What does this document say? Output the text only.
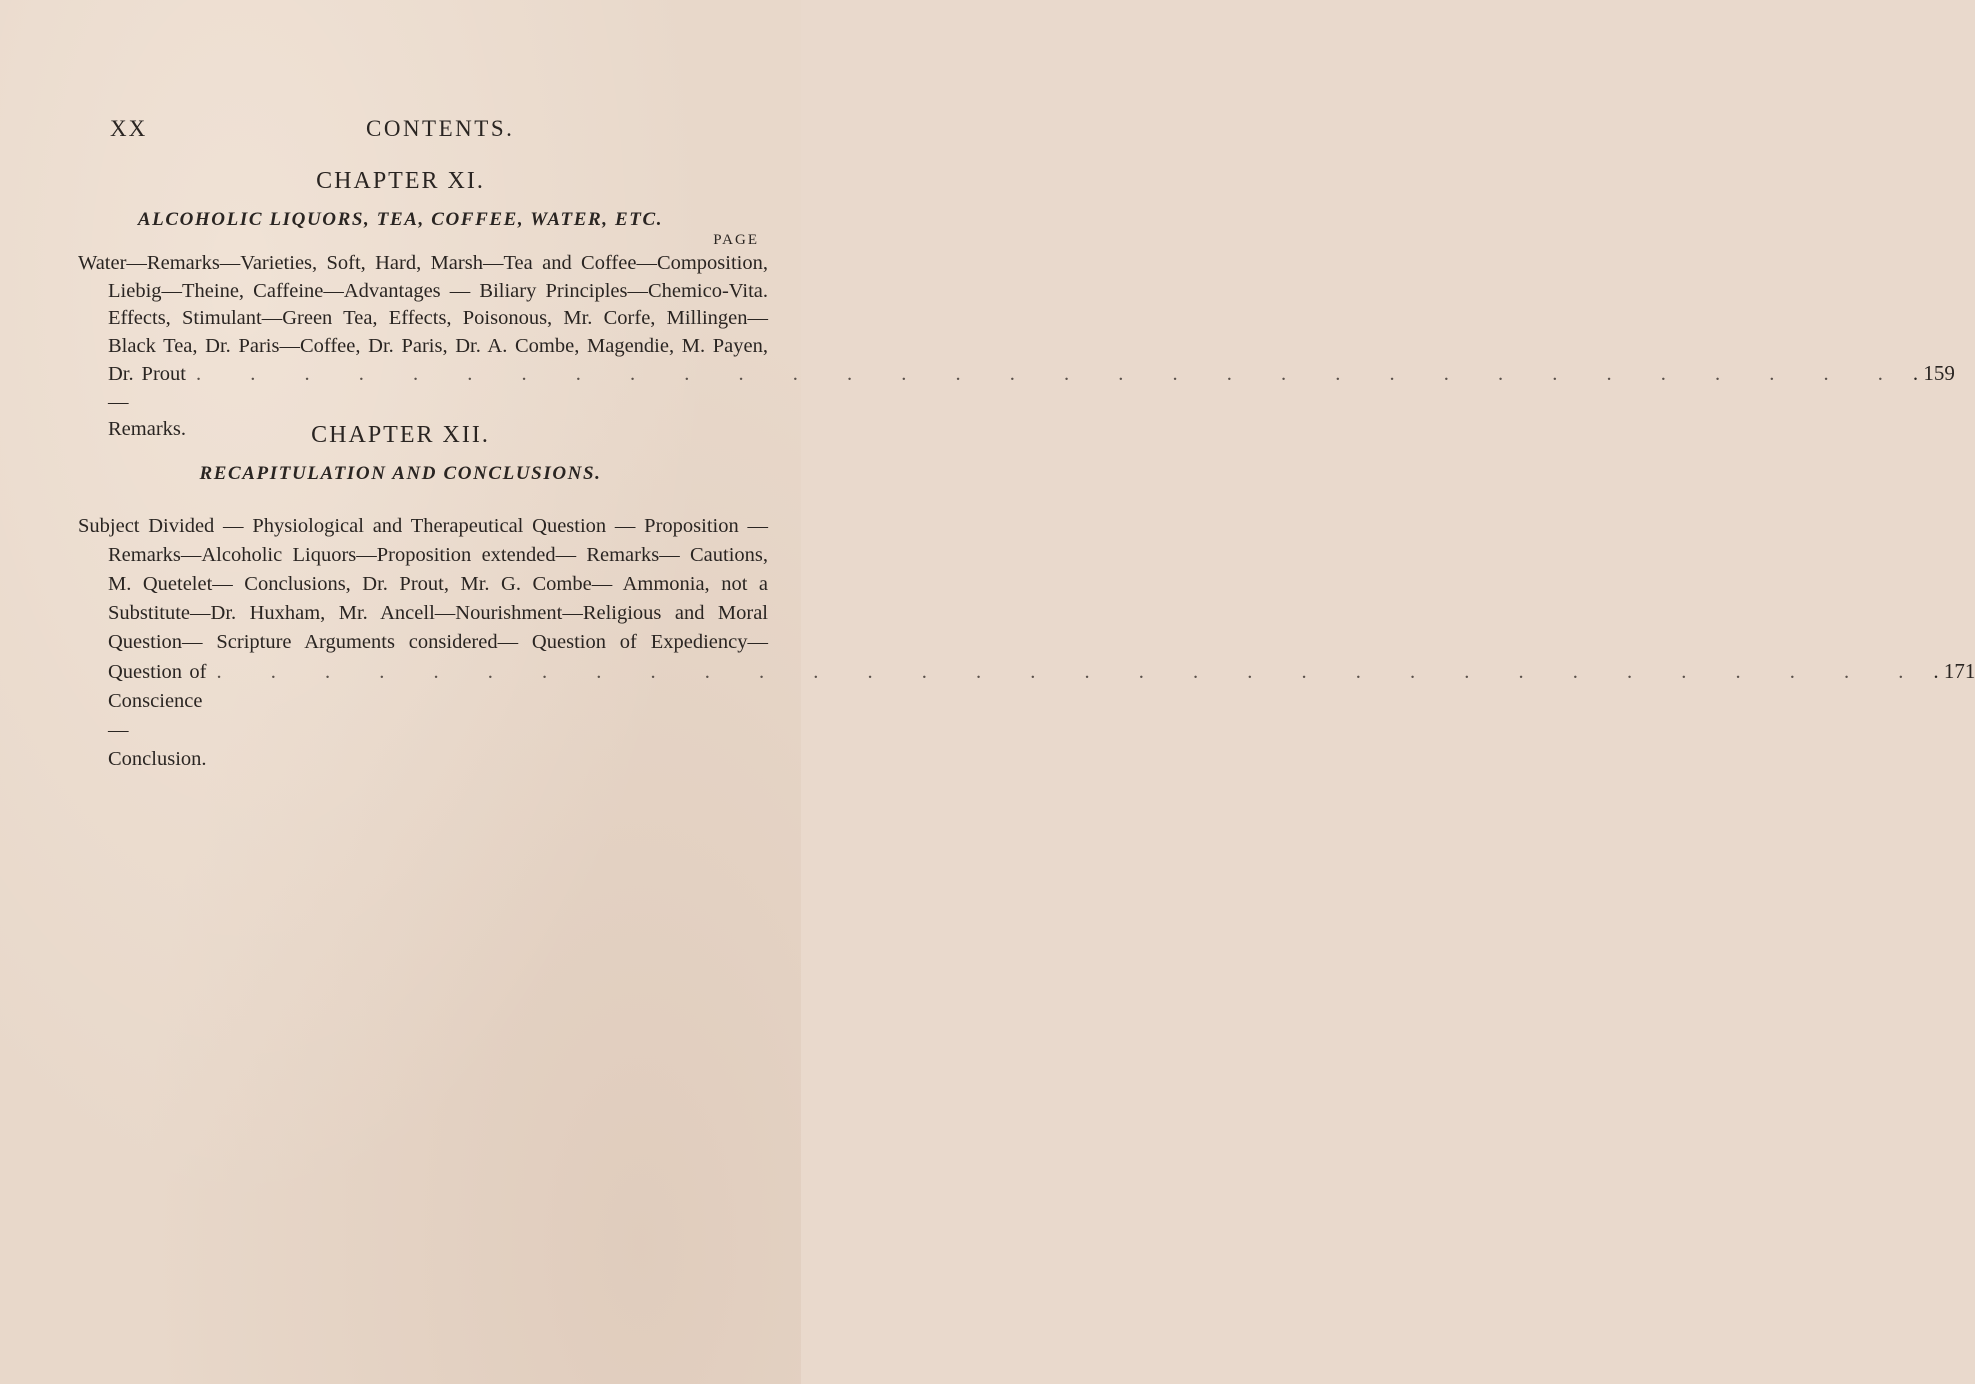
XX	CONTENTS.
CHAPTER XI.
ALCOHOLIC LIQUORS, TEA, COFFEE, WATER, ETC.
PAGE
Water—Remarks—Varieties, Soft, Hard, Marsh—Tea and Coffee—Composition,
Liebig—Theine, Caffeine—Advantages — Biliary Principles—Chemico-Vita.
Effects, Stimulant—Green Tea, Effects, Poisonous, Mr. Corfe, Millingen—
Black Tea, Dr. Paris—Coffee, Dr. Paris, Dr. A. Combe, Magendie, M. Payen,
Dr. Prout—Remarks.
. . . . . . . . . . . . . . . . . . . . . . . . . . . . . . . . . 159
CHAPTER XII.
RECAPITULATION AND CONCLUSIONS.
Subject Divided — Physiological and Therapeutical Question — Proposition —
Remarks—Alcoholic Liquors—Proposition extended— Remarks— Cautions,
M. Quetelet— Conclusions, Dr. Prout, Mr. G. Combe— Ammonia, not a
Substitute—Dr. Huxham, Mr. Ancell—Nourishment—Religious and Moral
Question— Scripture Arguments considered— Question of Expediency—
Question of Conscience—Conclusion.
. . . . . . . . . . . . . . . . . . . . . . . . . . . . . . . . . 171
